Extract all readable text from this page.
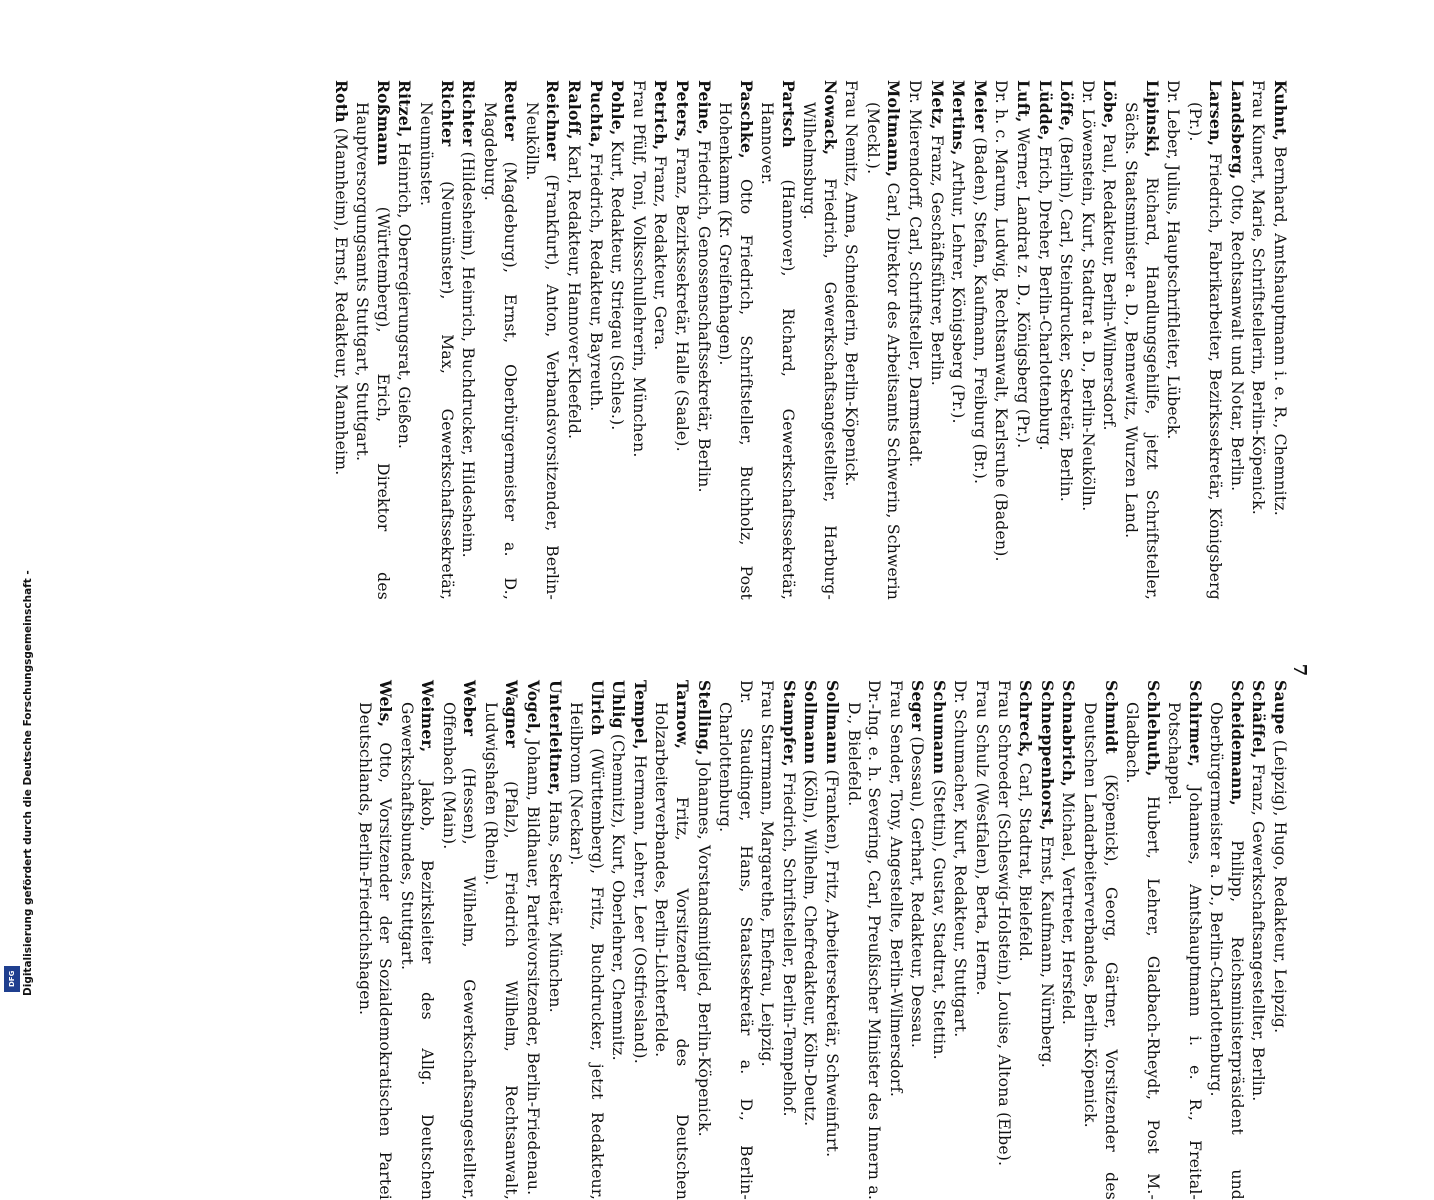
7

Kuhnt, Bernhard, Amtshauptmann i. e. R., Chemnitz.

Frau Kunert, Marie, Schriftstellerin, Berlin-Köpenick.

Landsberg, Otto, Rechtsanwalt und Notar, Berlin.

Larsen, Friedrich, Fabrikarbeiter, Bezirkssekretär, Königsberg (Pr.).

Dr. Leber, Julius, Hauptschriftleiter, Lübeck.

Lipinski, Richard, Handlungsgehilfe, jetzt Schriftsteller, Sächs. Staatsminister a. D., Bennewitz, Wurzen Land.

Löbe, Paul, Redakteur, Berlin-Wilmersdorf.

Dr. Löwenstein, Kurt, Stadtrat a. D., Berlin-Neukölln.

Löffe, (Berlin), Carl, Steindrucker, Sekretär, Berlin.

Lüdde, Erich, Dreher, Berlin-Charlottenburg.

Luft, Werner, Landrat z. D., Königsberg (Pr.).

Dr. h. c. Marum, Ludwig, Rechtsanwalt, Karlsruhe (Baden).

Meier (Baden), Stefan, Kaufmann, Freiburg (Br.).

Mertins, Arthur, Lehrer, Königsberg (Pr.).

Metz, Franz, Geschäftsführer, Berlin.

Dr. Mierendorff, Carl, Schriftsteller, Darmstadt.

Moltmann, Carl, Direktor des Arbeitsamts Schwerin, Schwerin (Meckl.).

Frau Nemitz, Anna, Schneiderin, Berlin-Köpenick.

Nowack, Friedrich, Gewerkschaftsangestellter, Harburg-Wilhelmsburg.

Partsch (Hannover), Richard, Gewerkschaftssekretär, Hannover.

Paschke, Otto Friedrich, Schriftsteller, Buchholz, Post Hohenkamm (Kr. Greifenhagen).

Peine, Friedrich, Genossenschaftssekretär, Berlin.

Peters, Franz, Bezirkssekretär, Halle (Saale).

Petrich, Franz, Redakteur, Gera.

Frau Pfülf, Toni, Volksschullehrerin, München.

Pohle, Kurt, Redakteur, Striegau (Schles.).

Puchta, Friedrich, Redakteur, Bayreuth.

Raloff, Karl, Redakteur, Hannover-Kleefeld.

Reichner (Frankfurt), Anton, Verbandsvorsitzender, Berlin-Neukölln.

Reuter (Magdeburg), Ernst, Oberbürgermeister a. D., Magdeburg.

Richter (Hildesheim), Heinrich, Buchdrucker, Hildesheim.

Richter (Neumünster), Max, Gewerkschaftssekretär, Neumünster.

Ritzel, Heinrich, Oberregierungsrat, Gießen.

Roßmann (Württemberg), Erich, Direktor des Hauptversorgungsamts Stuttgart, Stuttgart.

Roth (Mannheim), Ernst, Redakteur, Mannheim.

Saupe (Leipzig), Hugo, Redakteur, Leipzig.

Schäffel, Franz, Gewerkschaftsangestellter, Berlin.

Scheidemann, Philipp, Reichsministerpräsident und Oberbürgermeister a. D., Berlin-Charlottenburg.

Schirmer, Johannes, Amtshauptmann i. e. R., Freital-Potschappel.

Schlehuth, Hubert, Lehrer, Gladbach-Rheydt, Post M.-Gladbach.

Schmidt (Köpenick), Georg, Gärtner, Vorsitzender des Deutschen Landarbeiterverbandes, Berlin-Köpenick.

Schnabrich, Michael, Vertreter, Hersfeld.

Schneppenhorst, Ernst, Kaufmann, Nürnberg.

Schreck, Carl, Stadtrat, Bielefeld.

Frau Schroeder (Schleswig-Holstein), Louise, Altona (Elbe).

Frau Schulz (Westfalen), Berta, Herne.

Dr. Schumacher, Kurt, Redakteur, Stuttgart.

Schumann (Stettin), Gustav, Stadtrat, Stettin.

Seger (Dessau), Gerhart, Redakteur, Dessau.

Frau Sender, Tony, Angestellte, Berlin-Wilmersdorf.

Dr.-Ing. e. h. Severing, Carl, Preußischer Minister des Innern a. D., Bielefeld.

Sollmann (Franken), Fritz, Arbeitersekretär, Schweinfurt.

Sollmann (Köln), Wilhelm, Chefredakteur, Köln-Deutz.

Stampfer, Friedrich, Schriftsteller, Berlin-Tempelhof.

Frau Starrmann, Margarethe, Ehefrau, Leipzig.

Dr. Staudinger, Hans, Staatssekretär a. D., Berlin-Charlottenburg.

Stelling, Johannes, Vorstandsmitglied, Berlin-Köpenick.

Tarnow, Fritz, Vorsitzender des Deutschen Holzarbeiterverbandes, Berlin-Lichterfelde.

Tempel, Hermann, Lehrer, Leer (Ostfriesland).

Uhlig (Chemnitz), Kurt, Oberlehrer, Chemnitz.

Ulrich (Württemberg), Fritz, Buchdrucker, jetzt Redakteur, Heilbronn (Neckar).

Unterleitner, Hans, Sekretär, München.

Vogel, Johann, Bildhauer, Parteivorsitzender, Berlin-Friedenau.

Wagner (Pfalz), Friedrich Wilhelm, Rechtsanwalt, Ludwigshafen (Rhein).

Weber (Hessen), Wilhelm, Gewerkschaftsangestellter, Offenbach (Main).

Weimer, Jakob, Bezirksleiter des Allg. Deutschen Gewerkschaftsbundes, Stuttgart.

Wels, Otto, Vorsitzender der Sozialdemokratischen Partei Deutschlands, Berlin-Friedrichshagen.

DFG Digitalisierung gefördert durch die Deutsche Forschungsgemeinschaft -
